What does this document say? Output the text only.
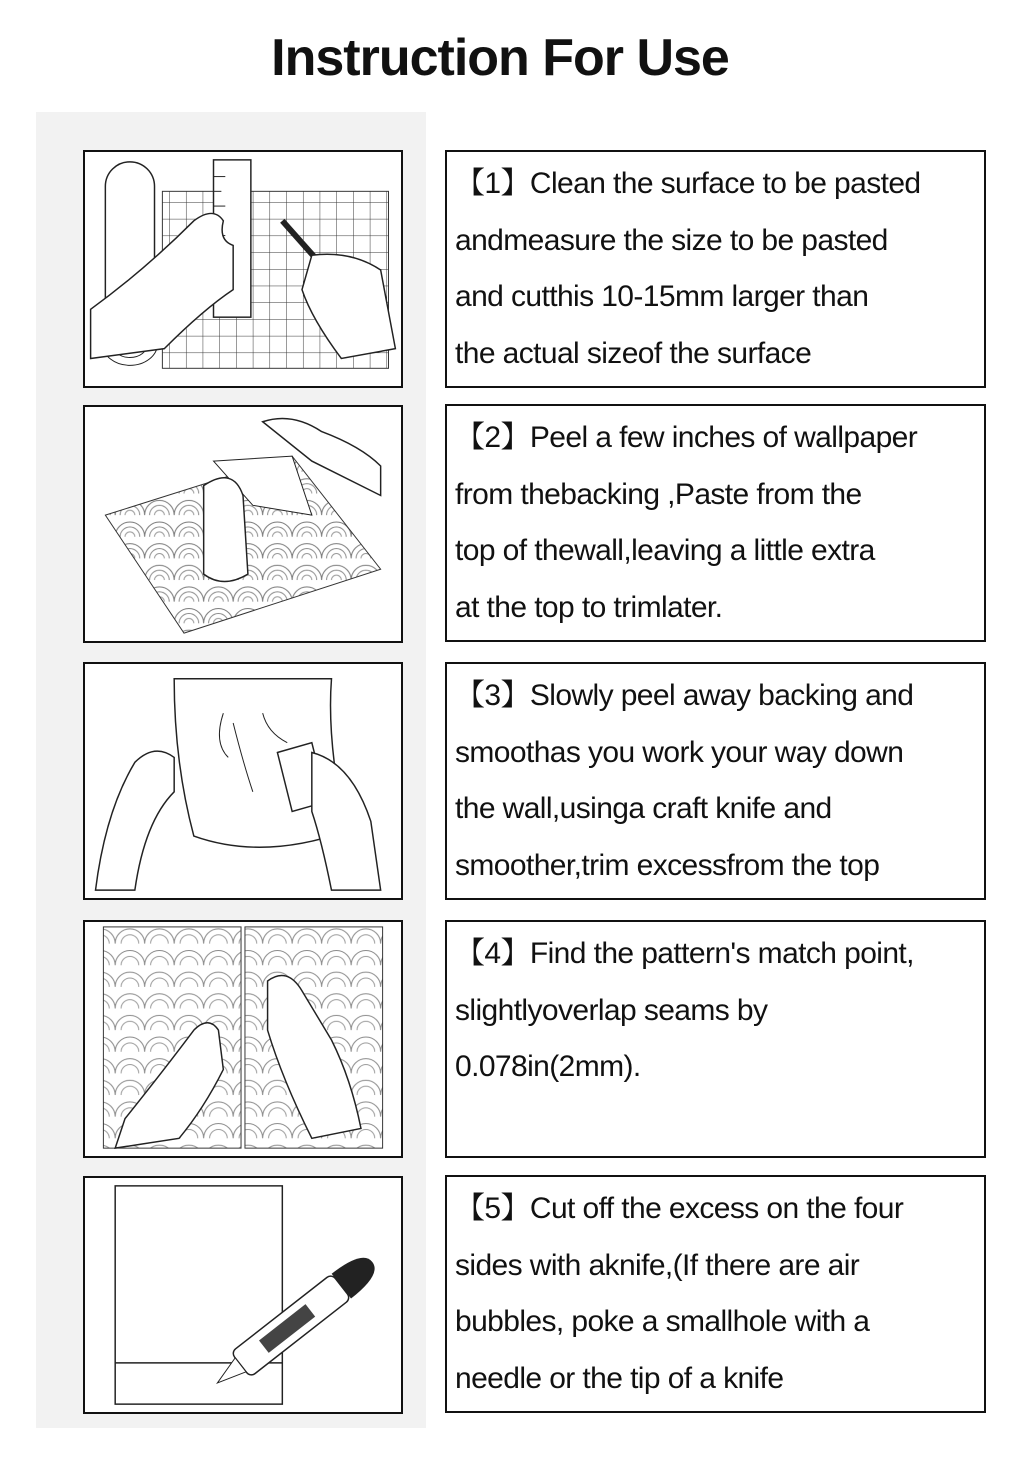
Instruction For Use

【1】Clean the surface to be pasted

andmeasure the size to be pasted

and cutthis 10-15mm larger than

the actual sizeof the surface

【2】Peel a few inches of wallpaper

from thebacking ,Paste from the

top of thewall,leaving a little extra

at the top to trimlater.

【3】Slowly peel away backing and

smoothas you work your way down

the wall,usinga craft knife and

smoother,trim excessfrom the top

【4】Find the pattern's match point,

slightlyoverlap seams by

0.078in(2mm).

【5】Cut off the excess on the four

sides with aknife,(If there are air

bubbles, poke a smallhole with a

needle or the tip of a knife
